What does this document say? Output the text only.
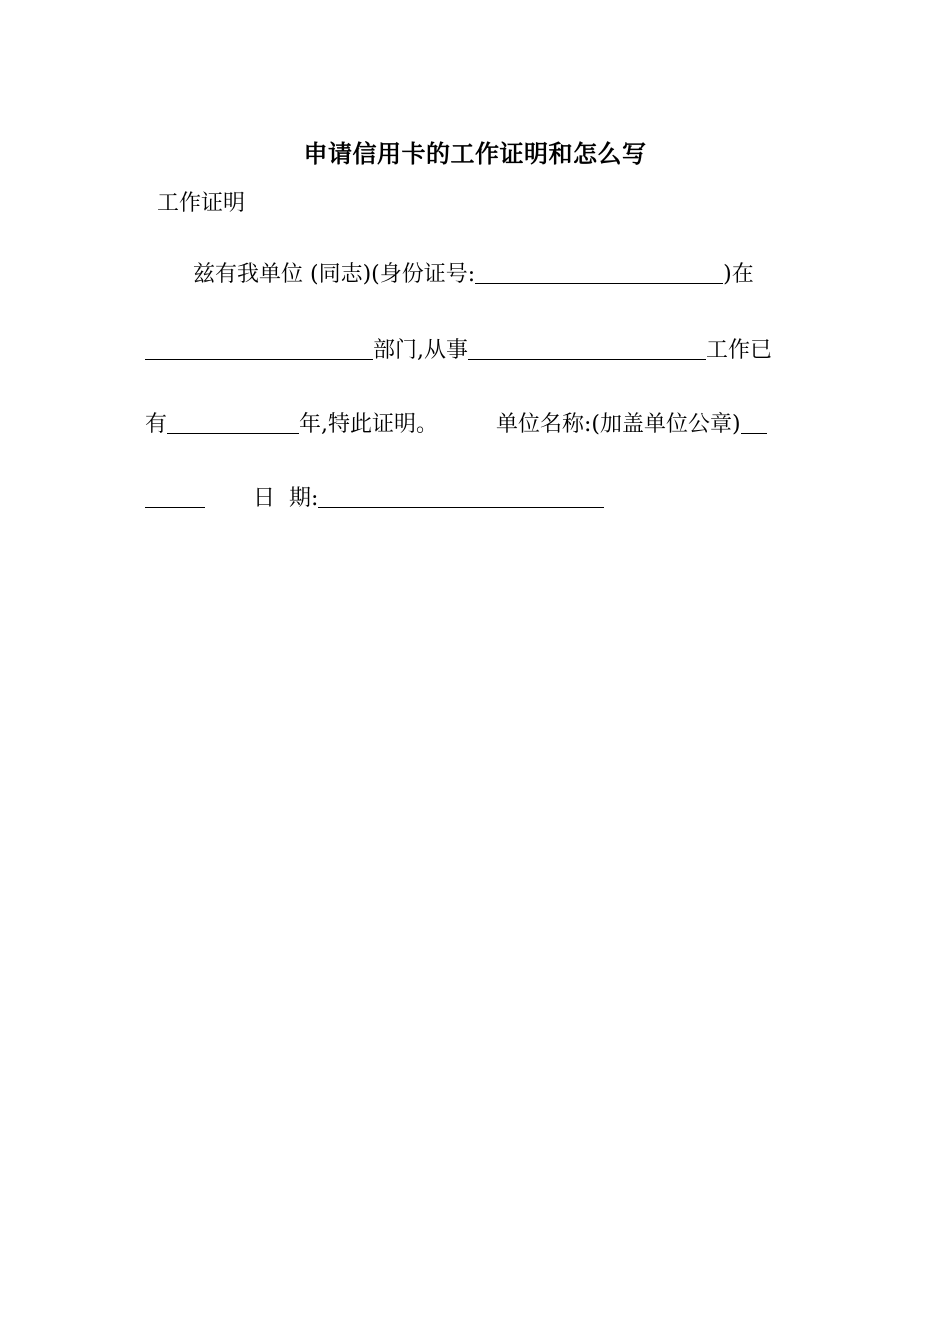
申请信用卡的工作证明和怎么写
工作证明
兹有我单位 (同志)(身份证号:	)在
部门,从事	工作已
有	年,特此证明。	单位名称:(加盖单位公章)
日  期:
